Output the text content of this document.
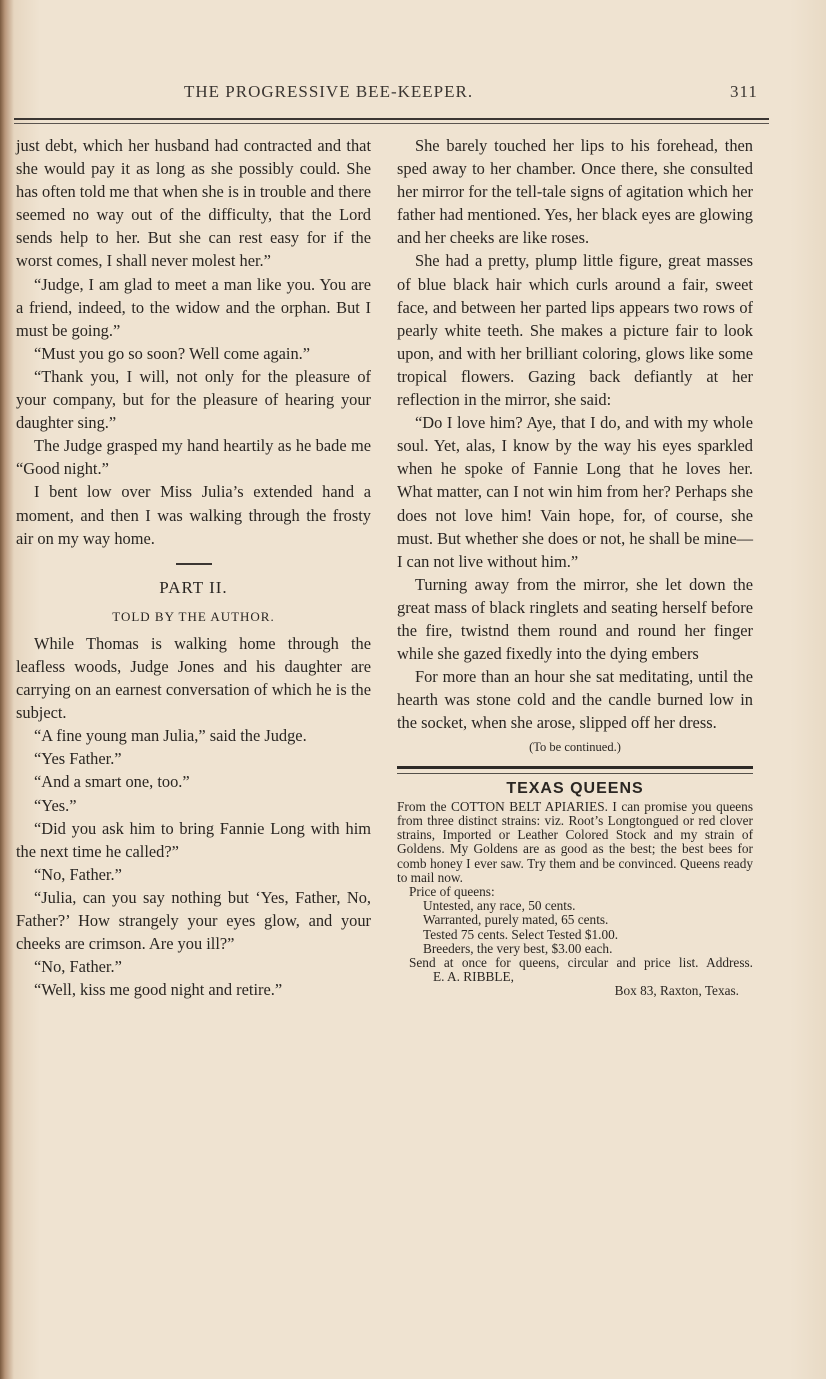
THE PROGRESSIVE BEE-KEEPER.	311

just debt, which her husband had contracted and that she would pay it as long as she possibly could. She has often told me that when she is in trouble and there seemed no way out of the difficulty, that the Lord sends help to her. But she can rest easy for if the worst comes, I shall never molest her.”

“Judge, I am glad to meet a man like you. You are a friend, indeed, to the widow and the orphan. But I must be going.”

“Must you go so soon? Well come again.”

“Thank you, I will, not only for the pleasure of your company, but for the pleasure of hearing your daughter sing.”

The Judge grasped my hand heartily as he bade me “Good night.”

I bent low over Miss Julia’s extended hand a moment, and then I was walking through the frosty air on my way home.

PART II.
TOLD BY THE AUTHOR.

While Thomas is walking home through the leafless woods, Judge Jones and his daughter are carrying on an earnest conversation of which he is the subject.

“A fine young man Julia,” said the Judge.

“Yes Father.”

“And a smart one, too.”

“Yes.”

“Did you ask him to bring Fannie Long with him the next time he called?”

“No, Father.”

“Julia, can you say nothing but ‘Yes, Father, No, Father?’ How strangely your eyes glow, and your cheeks are crimson. Are you ill?”

“No, Father.”

“Well, kiss me good night and retire.”

She barely touched her lips to his forehead, then sped away to her chamber. Once there, she consulted her mirror for the tell-tale signs of agitation which her father had mentioned. Yes, her black eyes are glowing and her cheeks are like roses.

She had a pretty, plump little figure, great masses of blue black hair which curls around a fair, sweet face, and between her parted lips appears two rows of pearly white teeth. She makes a picture fair to look upon, and with her brilliant coloring, glows like some tropical flowers. Gazing back defiantly at her reflection in the mirror, she said:

“Do I love him? Aye, that I do, and with my whole soul. Yet, alas, I know by the way his eyes sparkled when he spoke of Fannie Long that he loves her. What matter, can I not win him from her? Perhaps she does not love him! Vain hope, for, of course, she must. But whether she does or not, he shall be mine—I can not live without him.”

Turning away from the mirror, she let down the great mass of black ringlets and seating herself before the fire, twistnd them round and round her finger while she gazed fixedly into the dying embers

For more than an hour she sat meditating, until the hearth was stone cold and the candle burned low in the socket, when she arose, slipped off her dress.

(To be continued.)
TEXAS QUEENS

From the COTTON BELT APIARIES. I can promise you queens from three distinct strains: viz. Root’s Longtongued or red clover strains, Imported or Leather Colored Stock and my strain of Goldens. My Goldens are as good as the best; the best bees for comb honey I ever saw. Try them and be convinced. Queens ready to mail now.

Price of queens:
Untested, any race, 50 cents.
Warranted, purely mated, 65 cents.
Tested 75 cents. Select Tested $1.00.
Breeders, the very best, $3.00 each.

Send at once for queens, circular and price list. Address. E. A. RIBBLE,

Box 83, Raxton, Texas.
